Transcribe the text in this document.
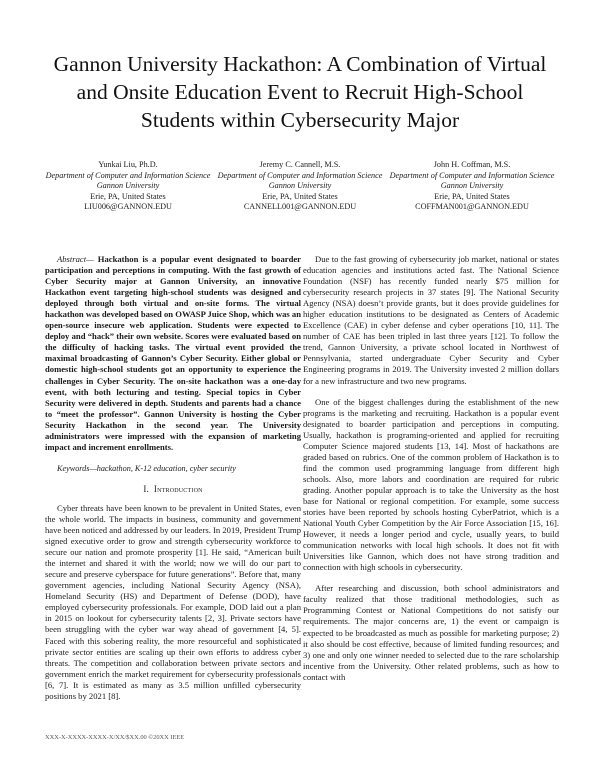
Gannon University Hackathon: A Combination of Virtual and Onsite Education Event to Recruit High-School Students within Cybersecurity Major
Yunkai Liu, Ph.D.
Department of Computer and Information Science
Gannon University
Erie, PA, United States
LIU006@GANNON.EDU
Jeremy C. Cannell, M.S.
Department of Computer and Information Science
Gannon University
Erie, PA, United States
CANNELL001@GANNON.EDU
John H. Coffman, M.S.
Department of Computer and Information Science
Gannon University
Erie, PA, United States
COFFMAN001@GANNON.EDU

Abstract— Hackathon is a popular event designated to boarder participation and perceptions in computing. With the fast growth of Cyber Security major at Gannon University, an innovative Hackathon event targeting high-school students was designed and deployed through both virtual and on-site forms. The virtual hackathon was developed based on OWASP Juice Shop, which was an open-source insecure web application. Students were expected to deploy and “hack” their own website. Scores were evaluated based on the difficulty of hacking tasks. The virtual event provided the maximal broadcasting of Gannon’s Cyber Security. Either global or domestic high-school students got an opportunity to experience the challenges in Cyber Security. The on-site hackathon was a one-day event, with both lecturing and testing. Special topics in Cyber Security were delivered in depth. Students and parents had a chance to “meet the professor”. Gannon University is hosting the Cyber Security Hackathon in the second year. The University administrators were impressed with the expansion of marketing impact and increment enrollments.

Keywords—hackathon, K-12 education, cyber security

I. Introduction

Cyber threats have been known to be prevalent in United States, even the whole world. The impacts in business, community and government have been noticed and addressed by our leaders. In 2019, President Trump signed executive order to grow and strength cybersecurity workforce to secure our nation and promote prosperity [1]. He said, “American built the internet and shared it with the world; now we will do our part to secure and preserve cyberspace for future generations”. Before that, many government agencies, including National Security Agency (NSA), Homeland Security (HS) and Department of Defense (DOD), have employed cybersecurity professionals. For example, DOD laid out a plan in 2015 on lookout for cybersecurity talents [2, 3]. Private sectors have been struggling with the cyber war way ahead of government [4, 5]. Faced with this sobering reality, the more resourceful and sophisticated private sector entities are scaling up their own efforts to address cyber threats. The competition and collaboration between private sectors and government enrich the market requirement for cybersecurity professionals [6, 7]. It is estimated as many as 3.5 million unfilled cybersecurity positions by 2021 [8].

Due to the fast growing of cybersecurity job market, national or states education agencies and institutions acted fast. The National Science Foundation (NSF) has recently funded nearly $75 million for cybersecurity research projects in 37 states [9]. The National Security Agency (NSA) doesn’t provide grants, but it does provide guidelines for higher education institutions to be designated as Centers of Academic Excellence (CAE) in cyber defense and cyber operations [10, 11]. The number of CAE has been tripled in last three years [12]. To follow the trend, Gannon University, a private school located in Northwest of Pennsylvania, started undergraduate Cyber Security and Cyber Engineering programs in 2019. The University invested 2 million dollars for a new infrastructure and two new programs.

One of the biggest challenges during the establishment of the new programs is the marketing and recruiting. Hackathon is a popular event designated to boarder participation and perceptions in computing. Usually, hackathon is programing-oriented and applied for recruiting Computer Science majored students [13, 14]. Most of hackathons are graded based on rubrics. One of the common problem of Hackathon is to find the common used programming language from different high schools. Also, more labors and coordination are required for rubric grading. Another popular approach is to take the University as the host base for National or regional competition. For example, some success stories have been reported by schools hosting CyberPatriot, which is a National Youth Cyber Competition by the Air Force Association [15, 16]. However, it needs a longer period and cycle, usually years, to build communication networks with local high schools. It does not fit with Universities like Gannon, which does not have strong tradition and connection with high schools in cybersecurity.

After researching and discussion, both school administrators and faculty realized that those traditional methodologies, such as Programming Contest or National Competitions do not satisfy our requirements. The major concerns are, 1) the event or campaign is expected to be broadcasted as much as possible for marketing purpose; 2) it also should be cost effective, because of limited funding resources; and 3) one and only one winner needed to selected due to the rare scholarship incentive from the University. Other related problems, such as how to contact with

XXX-X-XXXX-XXXX-X/XX/$XX.00 ©20XX IEEE
